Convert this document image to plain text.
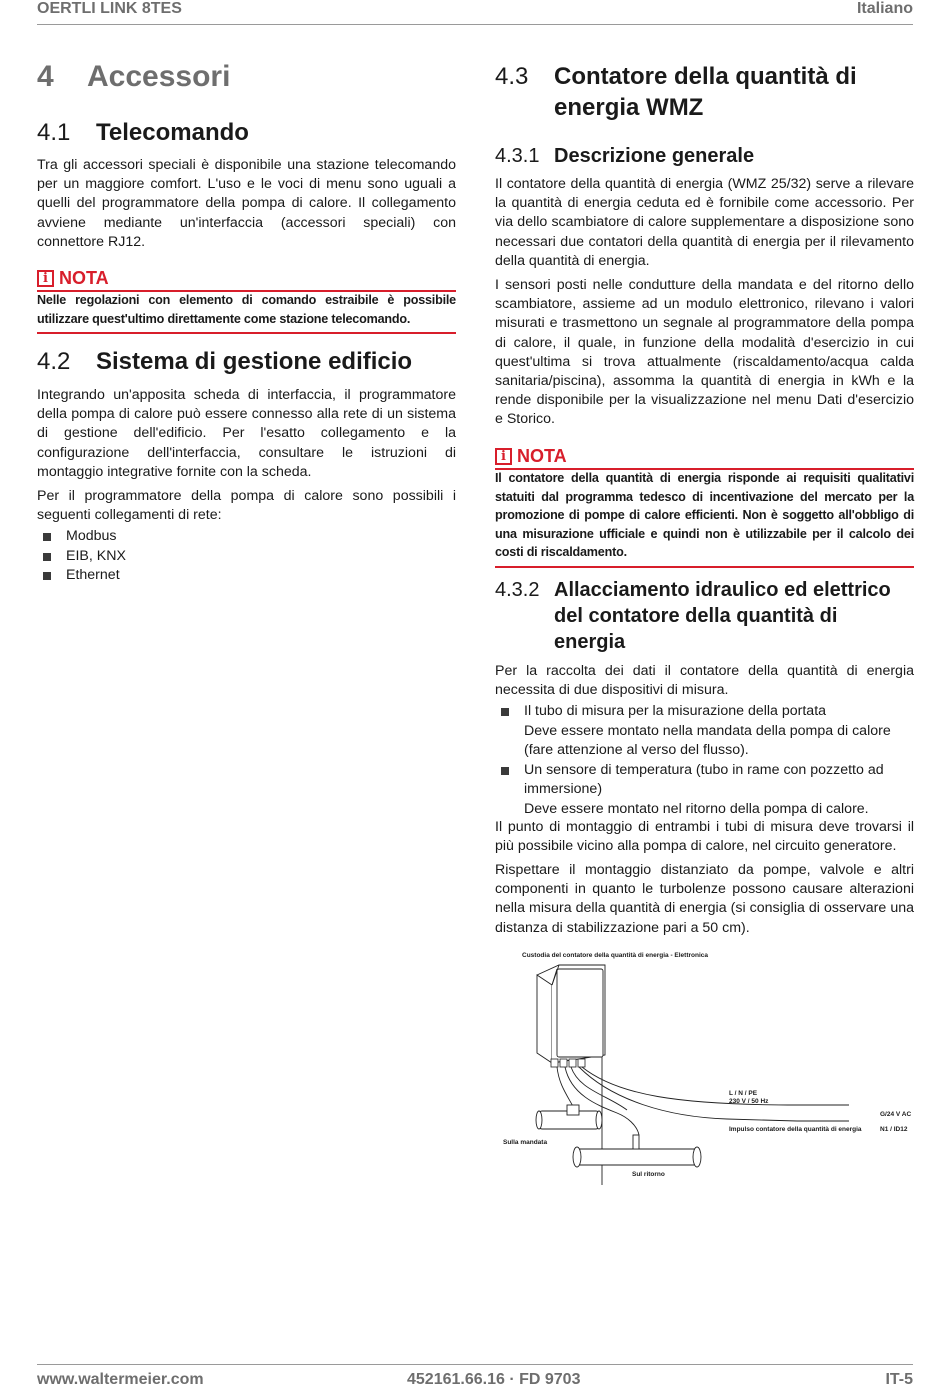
OERTLI LINK 8TES	Italiano
4 Accessori
4.1 Telecomando

Tra gli accessori speciali è disponibile una stazione telecomando per un maggiore comfort. L'uso e le voci di menu sono uguali a quelli del programmatore della pompa di calore. Il collegamento avviene mediante un'interfaccia (accessori speciali) con connettore RJ12.

i NOTA

Nelle regolazioni con elemento di comando estraibile è possibile utilizzare quest'ultimo direttamente come stazione telecomando.

4.2 Sistema di gestione edificio

Integrando un'apposita scheda di interfaccia, il programmatore della pompa di calore può essere connesso alla rete di un sistema di gestione dell'edificio. Per l'esatto collegamento e la configurazione dell'interfaccia, consultare le istruzioni di montaggio integrative fornite con la scheda.

Per il programmatore della pompa di calore sono possibili i seguenti collegamenti di rete:

Modbus
EIB, KNX
Ethernet
4.3 Contatore della quantità di energia WMZ
4.3.1 Descrizione generale

Il contatore della quantità di energia (WMZ 25/32) serve a rilevare la quantità di energia ceduta ed è fornibile come accessorio. Per via dello scambiatore di calore supplementare a disposizione sono necessari due contatori della quantità di energia per il rilevamento della quantità di energia.

I sensori posti nelle condutture della mandata e del ritorno dello scambiatore, assieme ad un modulo elettronico, rilevano i valori misurati e trasmettono un segnale al programmatore della pompa di calore, il quale, in funzione della modalità d'esercizio in cui quest'ultima si trova attualmente (riscaldamento/acqua calda sanitaria/piscina), assomma la quantità di energia in kWh e la rende disponibile per la visualizzazione nel menu Dati d'esercizio e Storico.

i NOTA

Il contatore della quantità di energia risponde ai requisiti qualitativi statuiti dal programma tedesco di incentivazione del mercato per la promozione di pompe di calore efficienti. Non è soggetto all'obbligo di una misurazione ufficiale e quindi non è utilizzabile per il calcolo dei costi di riscaldamento.

4.3.2 Allacciamento idraulico ed elettrico del contatore della quantità di energia

Per la raccolta dei dati il contatore della quantità di energia necessita di due dispositivi di misura.

Il tubo di misura per la misurazione della portata
Deve essere montato nella mandata della pompa di calore (fare attenzione al verso del flusso).
Un sensore di temperatura (tubo in rame con pozzetto ad immersione)
Deve essere montato nel ritorno della pompa di calore.

Il punto di montaggio di entrambi i tubi di misura deve trovarsi il più possibile vicino alla pompa di calore, nel circuito generatore.

Rispettare il montaggio distanziato da pompe, valvole e altri componenti in quanto le turbolenze possono causare alterazioni nella misura della quantità di energia (si consiglia di osservare una distanza di stabilizzazione pari a 50 cm).

Custodia del contatore della quantità di energia - Elettronica
L / N / PE
230 V / 50 Hz
Impulso contatore della quantità di energia
G/24 V AC
N1 / ID12
Sulla mandata
Sul ritorno
www.waltermeier.com	452161.66.16 · FD 9703	IT-5
